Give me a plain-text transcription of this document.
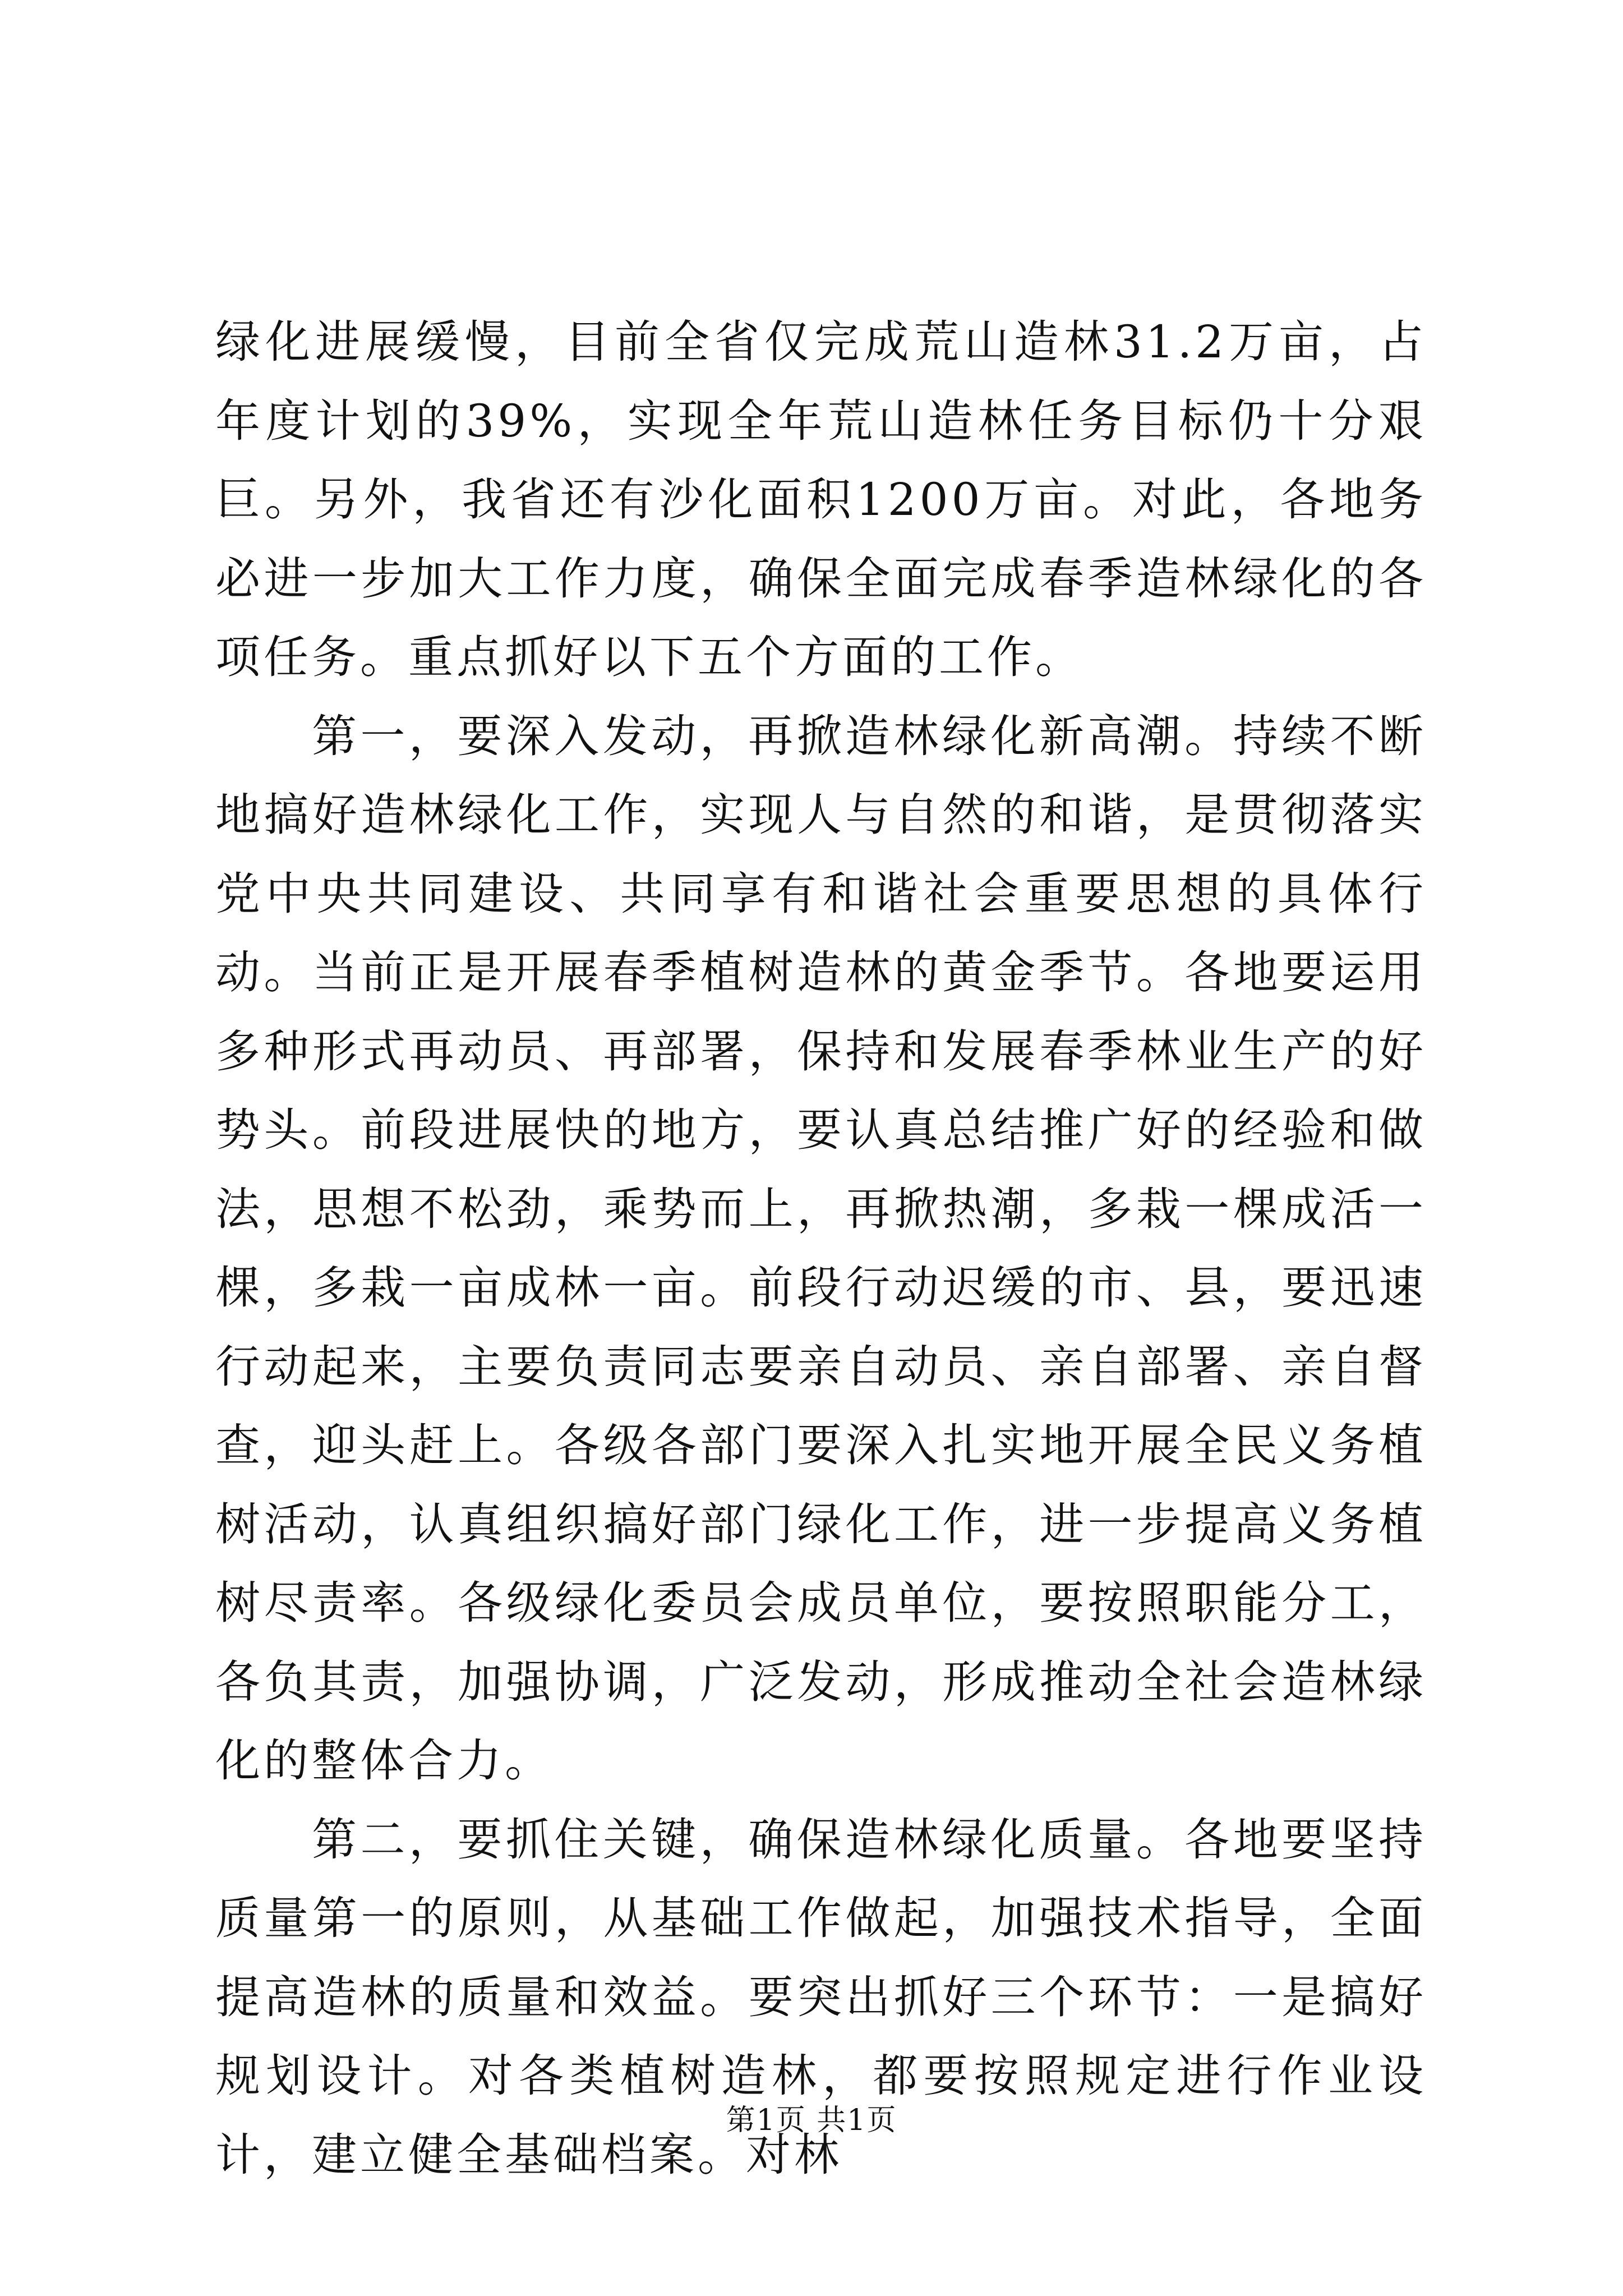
绿化进展缓慢，目前全省仅完成荒山造林31.2万亩，占年度计划的39%，实现全年荒山造林任务目标仍十分艰巨。另外，我省还有沙化面积1200万亩。对此，各地务必进一步加大工作力度，确保全面完成春季造林绿化的各项任务。重点抓好以下五个方面的工作。

第一，要深入发动，再掀造林绿化新高潮。持续不断地搞好造林绿化工作，实现人与自然的和谐，是贯彻落实党中央共同建设、共同享有和谐社会重要思想的具体行动。当前正是开展春季植树造林的黄金季节。各地要运用多种形式再动员、再部署，保持和发展春季林业生产的好势头。前段进展快的地方，要认真总结推广好的经验和做法，思想不松劲，乘势而上，再掀热潮，多栽一棵成活一棵，多栽一亩成林一亩。前段行动迟缓的市、县，要迅速行动起来，主要负责同志要亲自动员、亲自部署、亲自督查，迎头赶上。各级各部门要深入扎实地开展全民义务植树活动，认真组织搞好部门绿化工作，进一步提高义务植树尽责率。各级绿化委员会成员单位，要按照职能分工，各负其责，加强协调，广泛发动，形成推动全社会造林绿化的整体合力。

第二，要抓住关键，确保造林绿化质量。各地要坚持质量第一的原则，从基础工作做起，加强技术指导，全面提高造林的质量和效益。要突出抓好三个环节：一是搞好规划设计。对各类植树造林，都要按照规定进行作业设计，建立健全基础档案。对林

第1页 共1页
